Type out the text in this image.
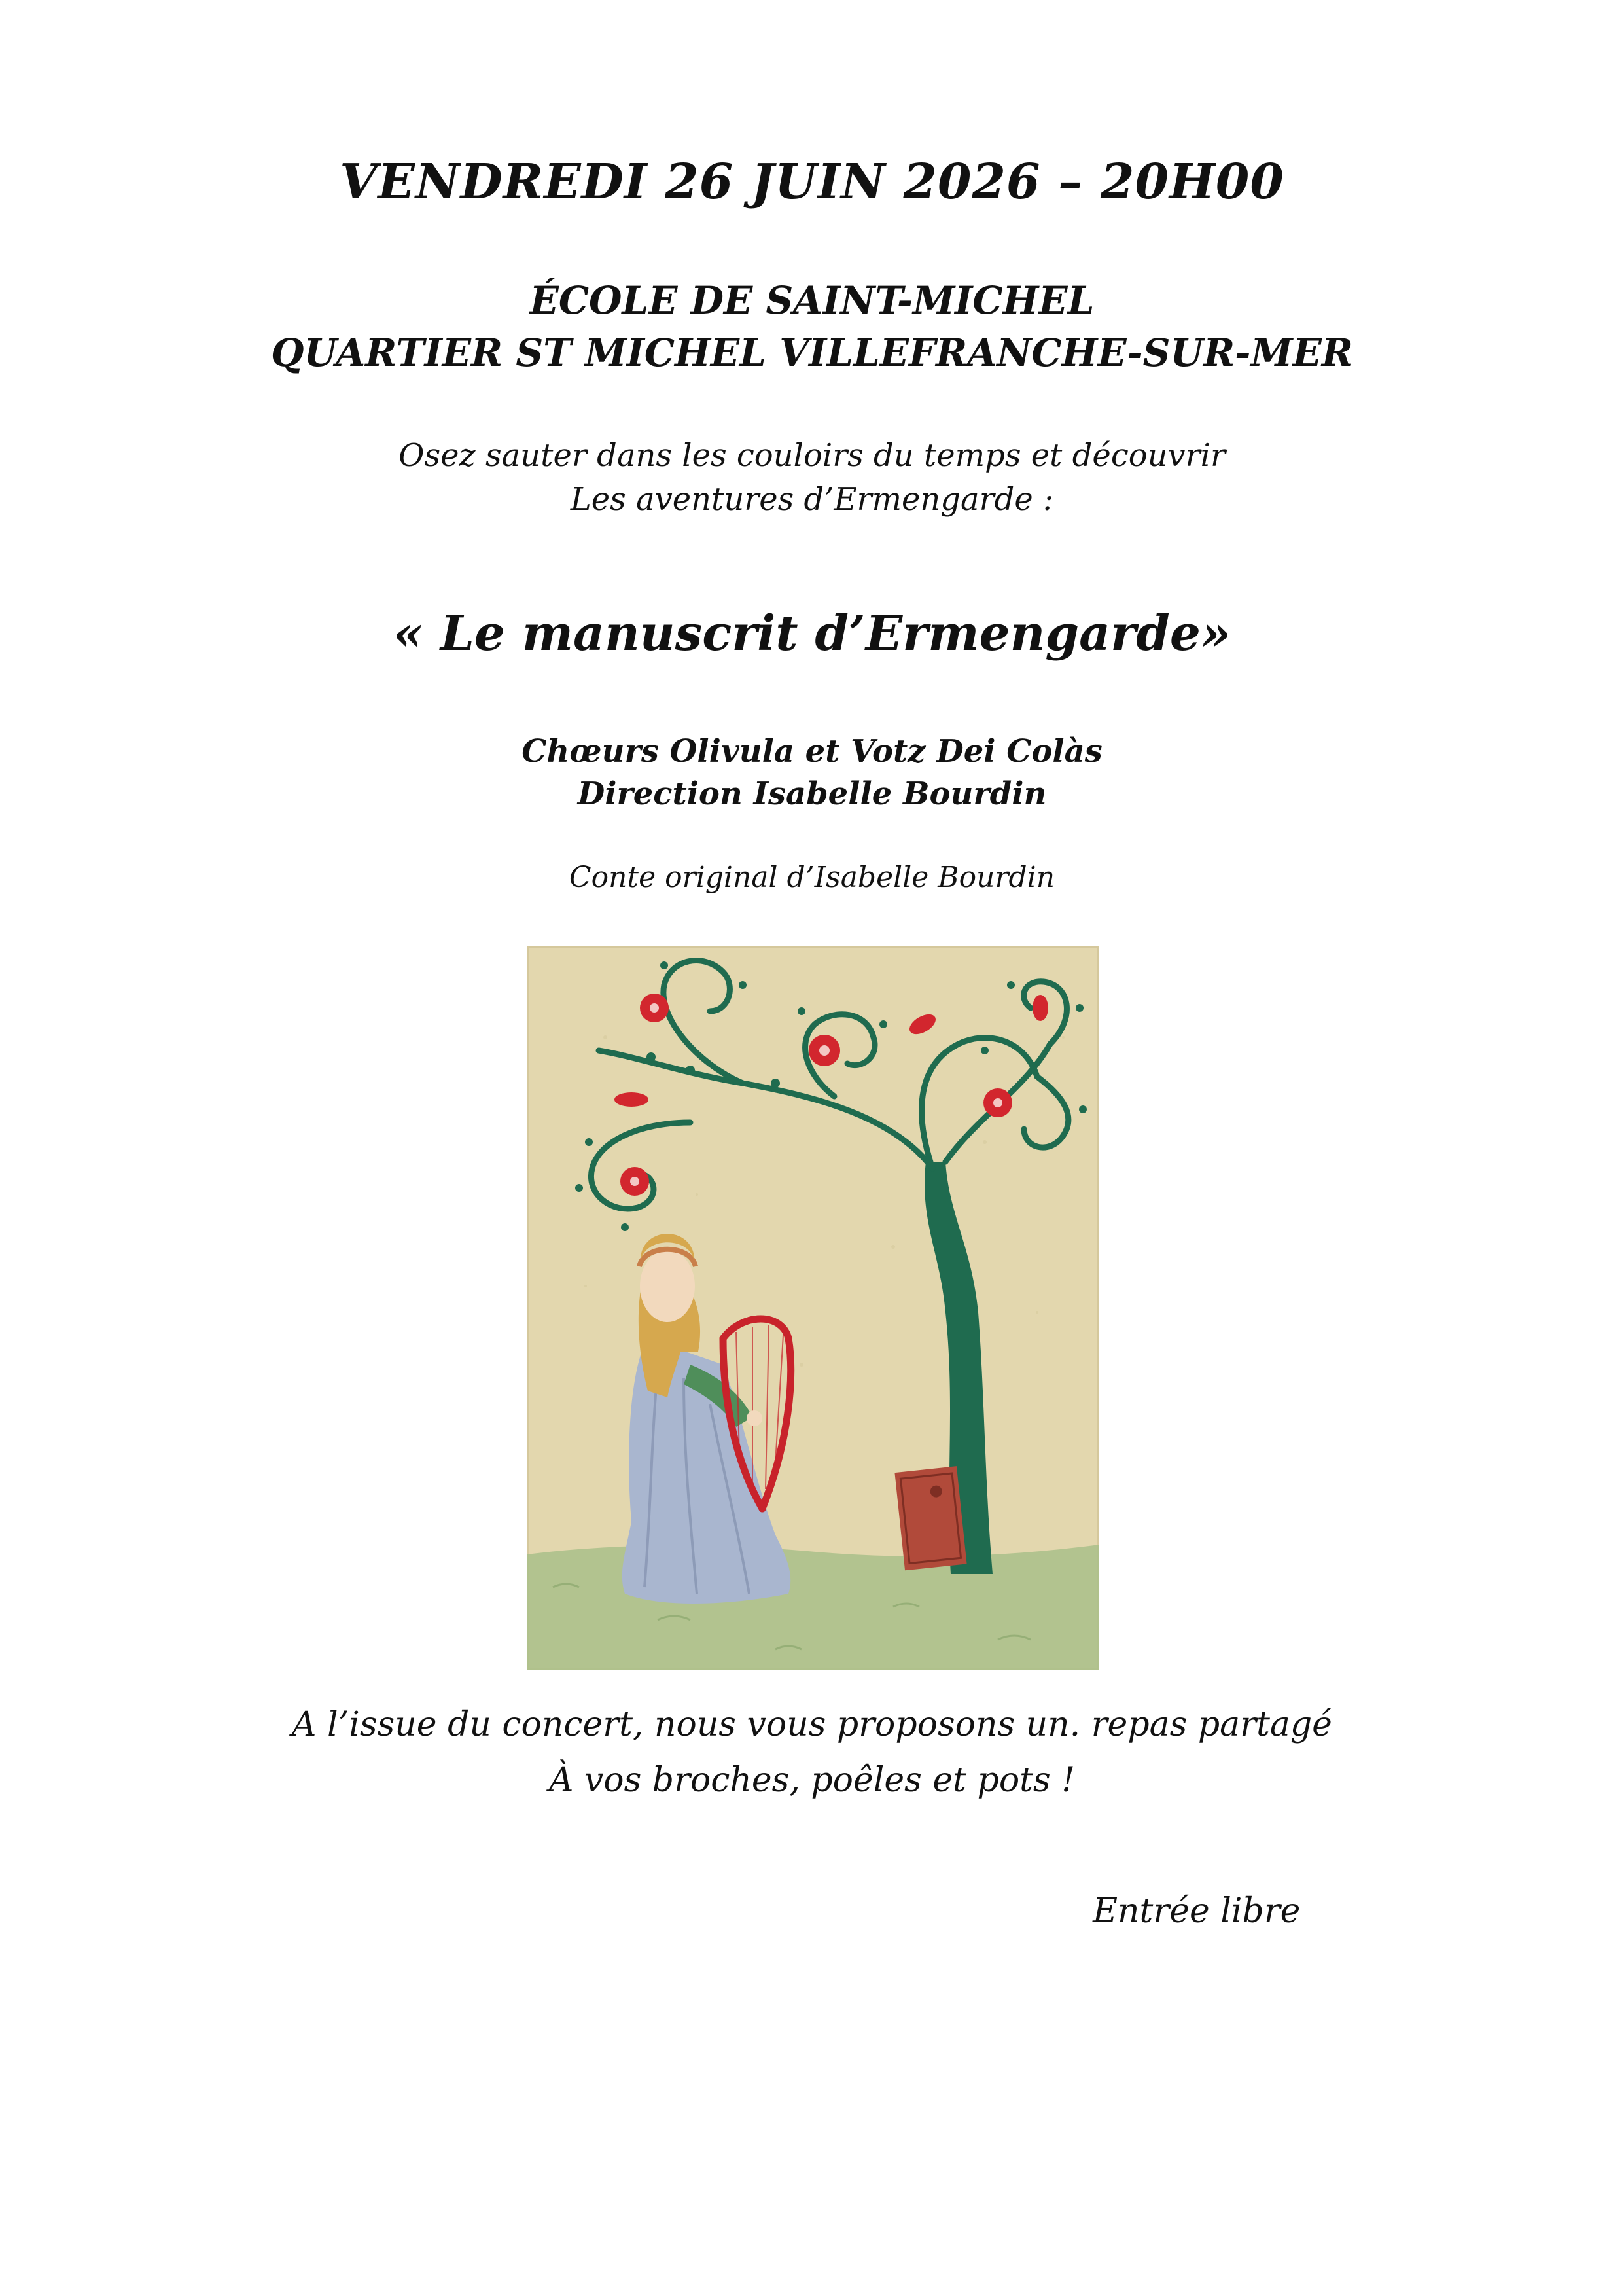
VENDREDI 26 JUIN 2026 – 20H00
ÉCOLE DE SAINT-MICHEL
QUARTIER ST MICHEL VILLEFRANCHE-SUR-MER
Osez sauter dans les couloirs du temps et découvrir
Les aventures d’Ermengarde :
« Le manuscrit d’Ermengarde»
Chœurs Olivula et Votz Dei Colàs
Direction Isabelle Bourdin
Conte original d’Isabelle Bourdin
A l’issue du concert, nous vous proposons un. repas partagé
À vos broches, poêles et pots !
Entrée libre
